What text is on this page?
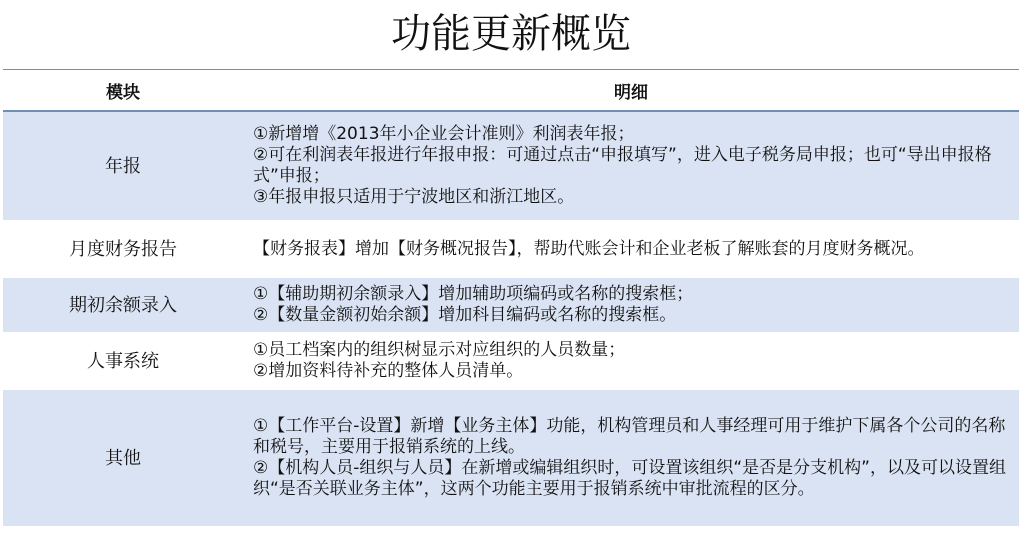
功能更新概览
模块	明细
年报	①新增增《2013年小企业会计准则》利润表年报；
②可在利润表年报进行年报申报：可通过点击“申报填写”，进入电子税务局申报；也可“导出申报格式”申报；
③年报申报只适用于宁波地区和浙江地区。

月度财务报告	【财务报表】增加【财务概况报告】，帮助代账会计和企业老板了解账套的月度财务概况。

期初余额录入	①【辅助期初余额录入】增加辅助项编码或名称的搜索框；
②【数量金额初始余额】增加科目编码或名称的搜索框。

人事系统	①员工档案内的组织树显示对应组织的人员数量；
②增加资料待补充的整体人员清单。

其他	①【工作平台-设置】新增【业务主体】功能，机构管理员和人事经理可用于维护下属各个公司的名称和税号，主要用于报销系统的上线。
②【机构人员-组织与人员】在新增或编辑组织时，可设置该组织“是否是分支机构”，以及可以设置组织“是否关联业务主体”，这两个功能主要用于报销系统中审批流程的区分。
